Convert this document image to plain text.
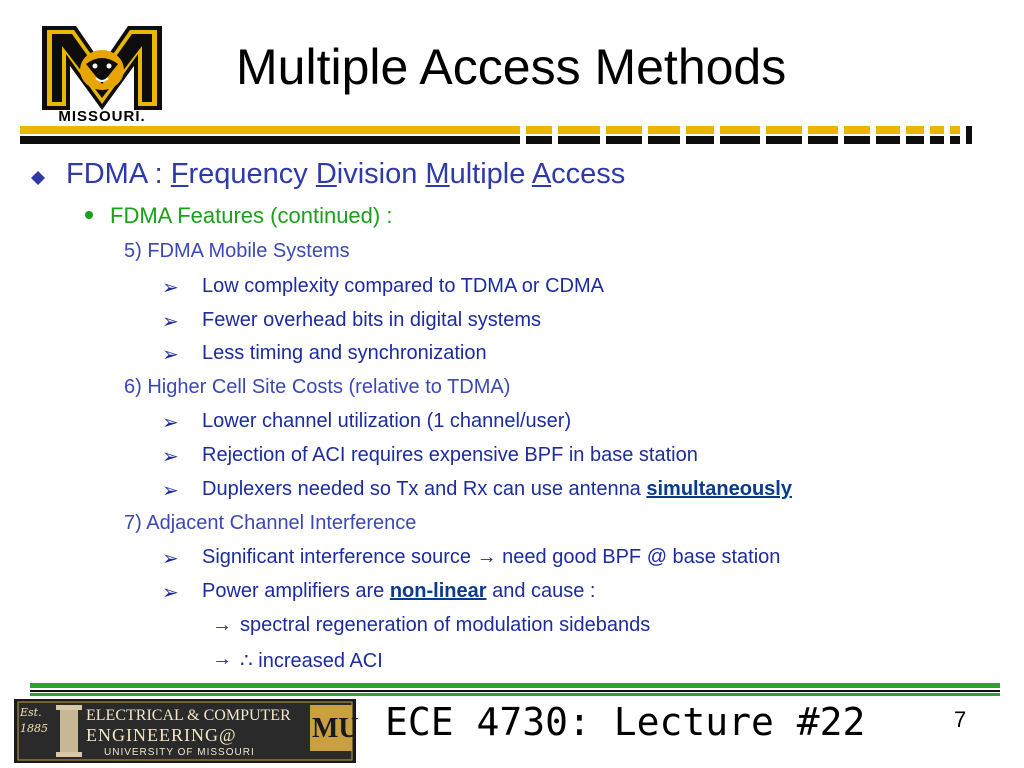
MISSOURI.
Multiple Access Methods
FDMA : Frequency Division Multiple Access
FDMA Features (continued) :
5) FDMA Mobile Systems
➢ Low complexity compared to TDMA or CDMA
➢ Fewer overhead bits in digital systems
➢ Less timing and synchronization
6) Higher Cell Site Costs (relative to TDMA)
➢ Lower channel utilization (1 channel/user)
➢ Rejection of ACI requires expensive BPF in base station
➢ Duplexers needed so Tx and Rx can use antenna simultaneously
7) Adjacent Channel Interference
➢ Significant interference source → need good BPF @ base station
➢ Power amplifiers are non-linear and cause :
→ spectral regeneration of modulation sidebands
→ ∴ increased ACI
Est. 1885
ELECTRICAL & COMPUTER
ENGINEERING@	MU
UNIVERSITY OF MISSOURI
ECE 4730: Lecture #22	7
